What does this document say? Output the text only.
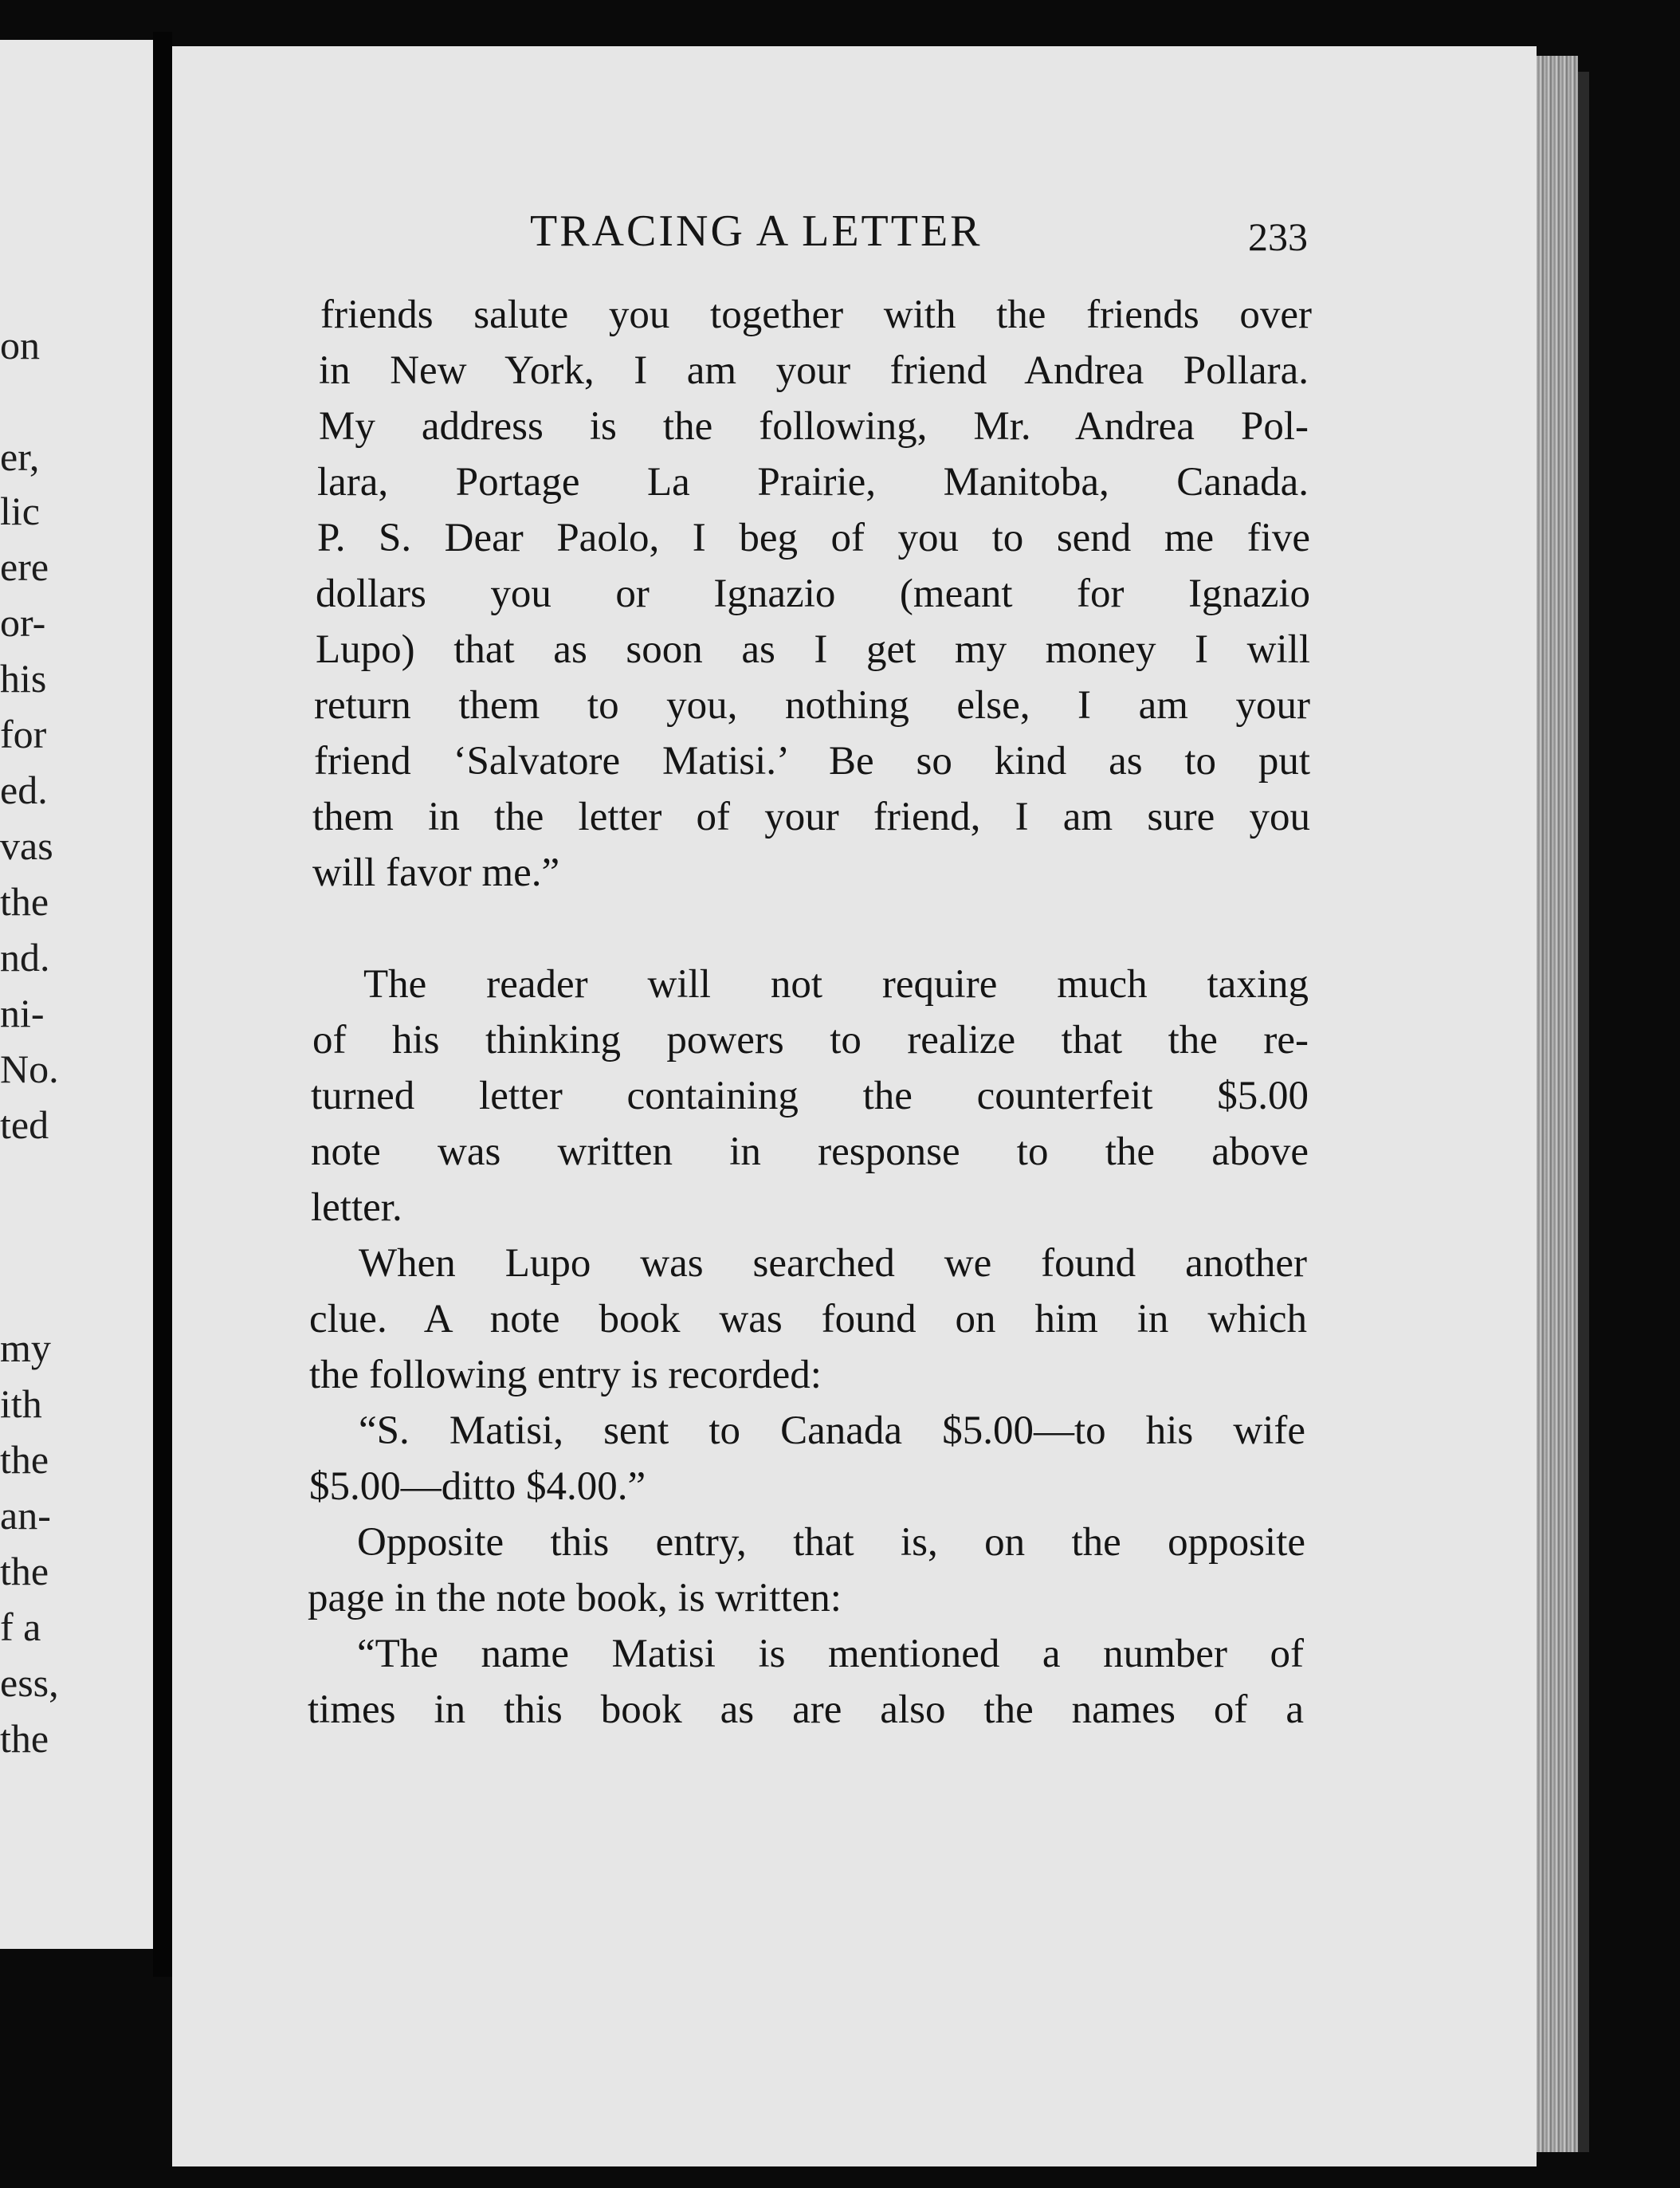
on
er,
lic
ere
or-
his
for
ed.
vas
the
nd.
ni-
No.
ted
my
ith
the
an-
the
f a
ess,
the
TRACING A LETTER	233
friends salute you together with the friends over
in New York, I am your friend Andrea Pollara.
My address is the following, Mr. Andrea Pol-
lara, Portage La Prairie, Manitoba, Canada.
P. S. Dear Paolo, I beg of you to send me five
dollars you or Ignazio (meant for Ignazio
Lupo) that as soon as I get my money I will
return them to you, nothing else, I am your
friend ‘Salvatore Matisi.’ Be so kind as to put
them in the letter of your friend, I am sure you
will favor me.”
The reader will not require much taxing
of his thinking powers to realize that the re-
turned letter containing the counterfeit $5.00
note was written in response to the above
letter.
When Lupo was searched we found another
clue. A note book was found on him in which
the following entry is recorded:
“S. Matisi, sent to Canada $5.00—to his wife
$5.00—ditto $4.00.”
Opposite this entry, that is, on the opposite
page in the note book, is written:
“The name Matisi is mentioned a number of
times in this book as are also the names of a
